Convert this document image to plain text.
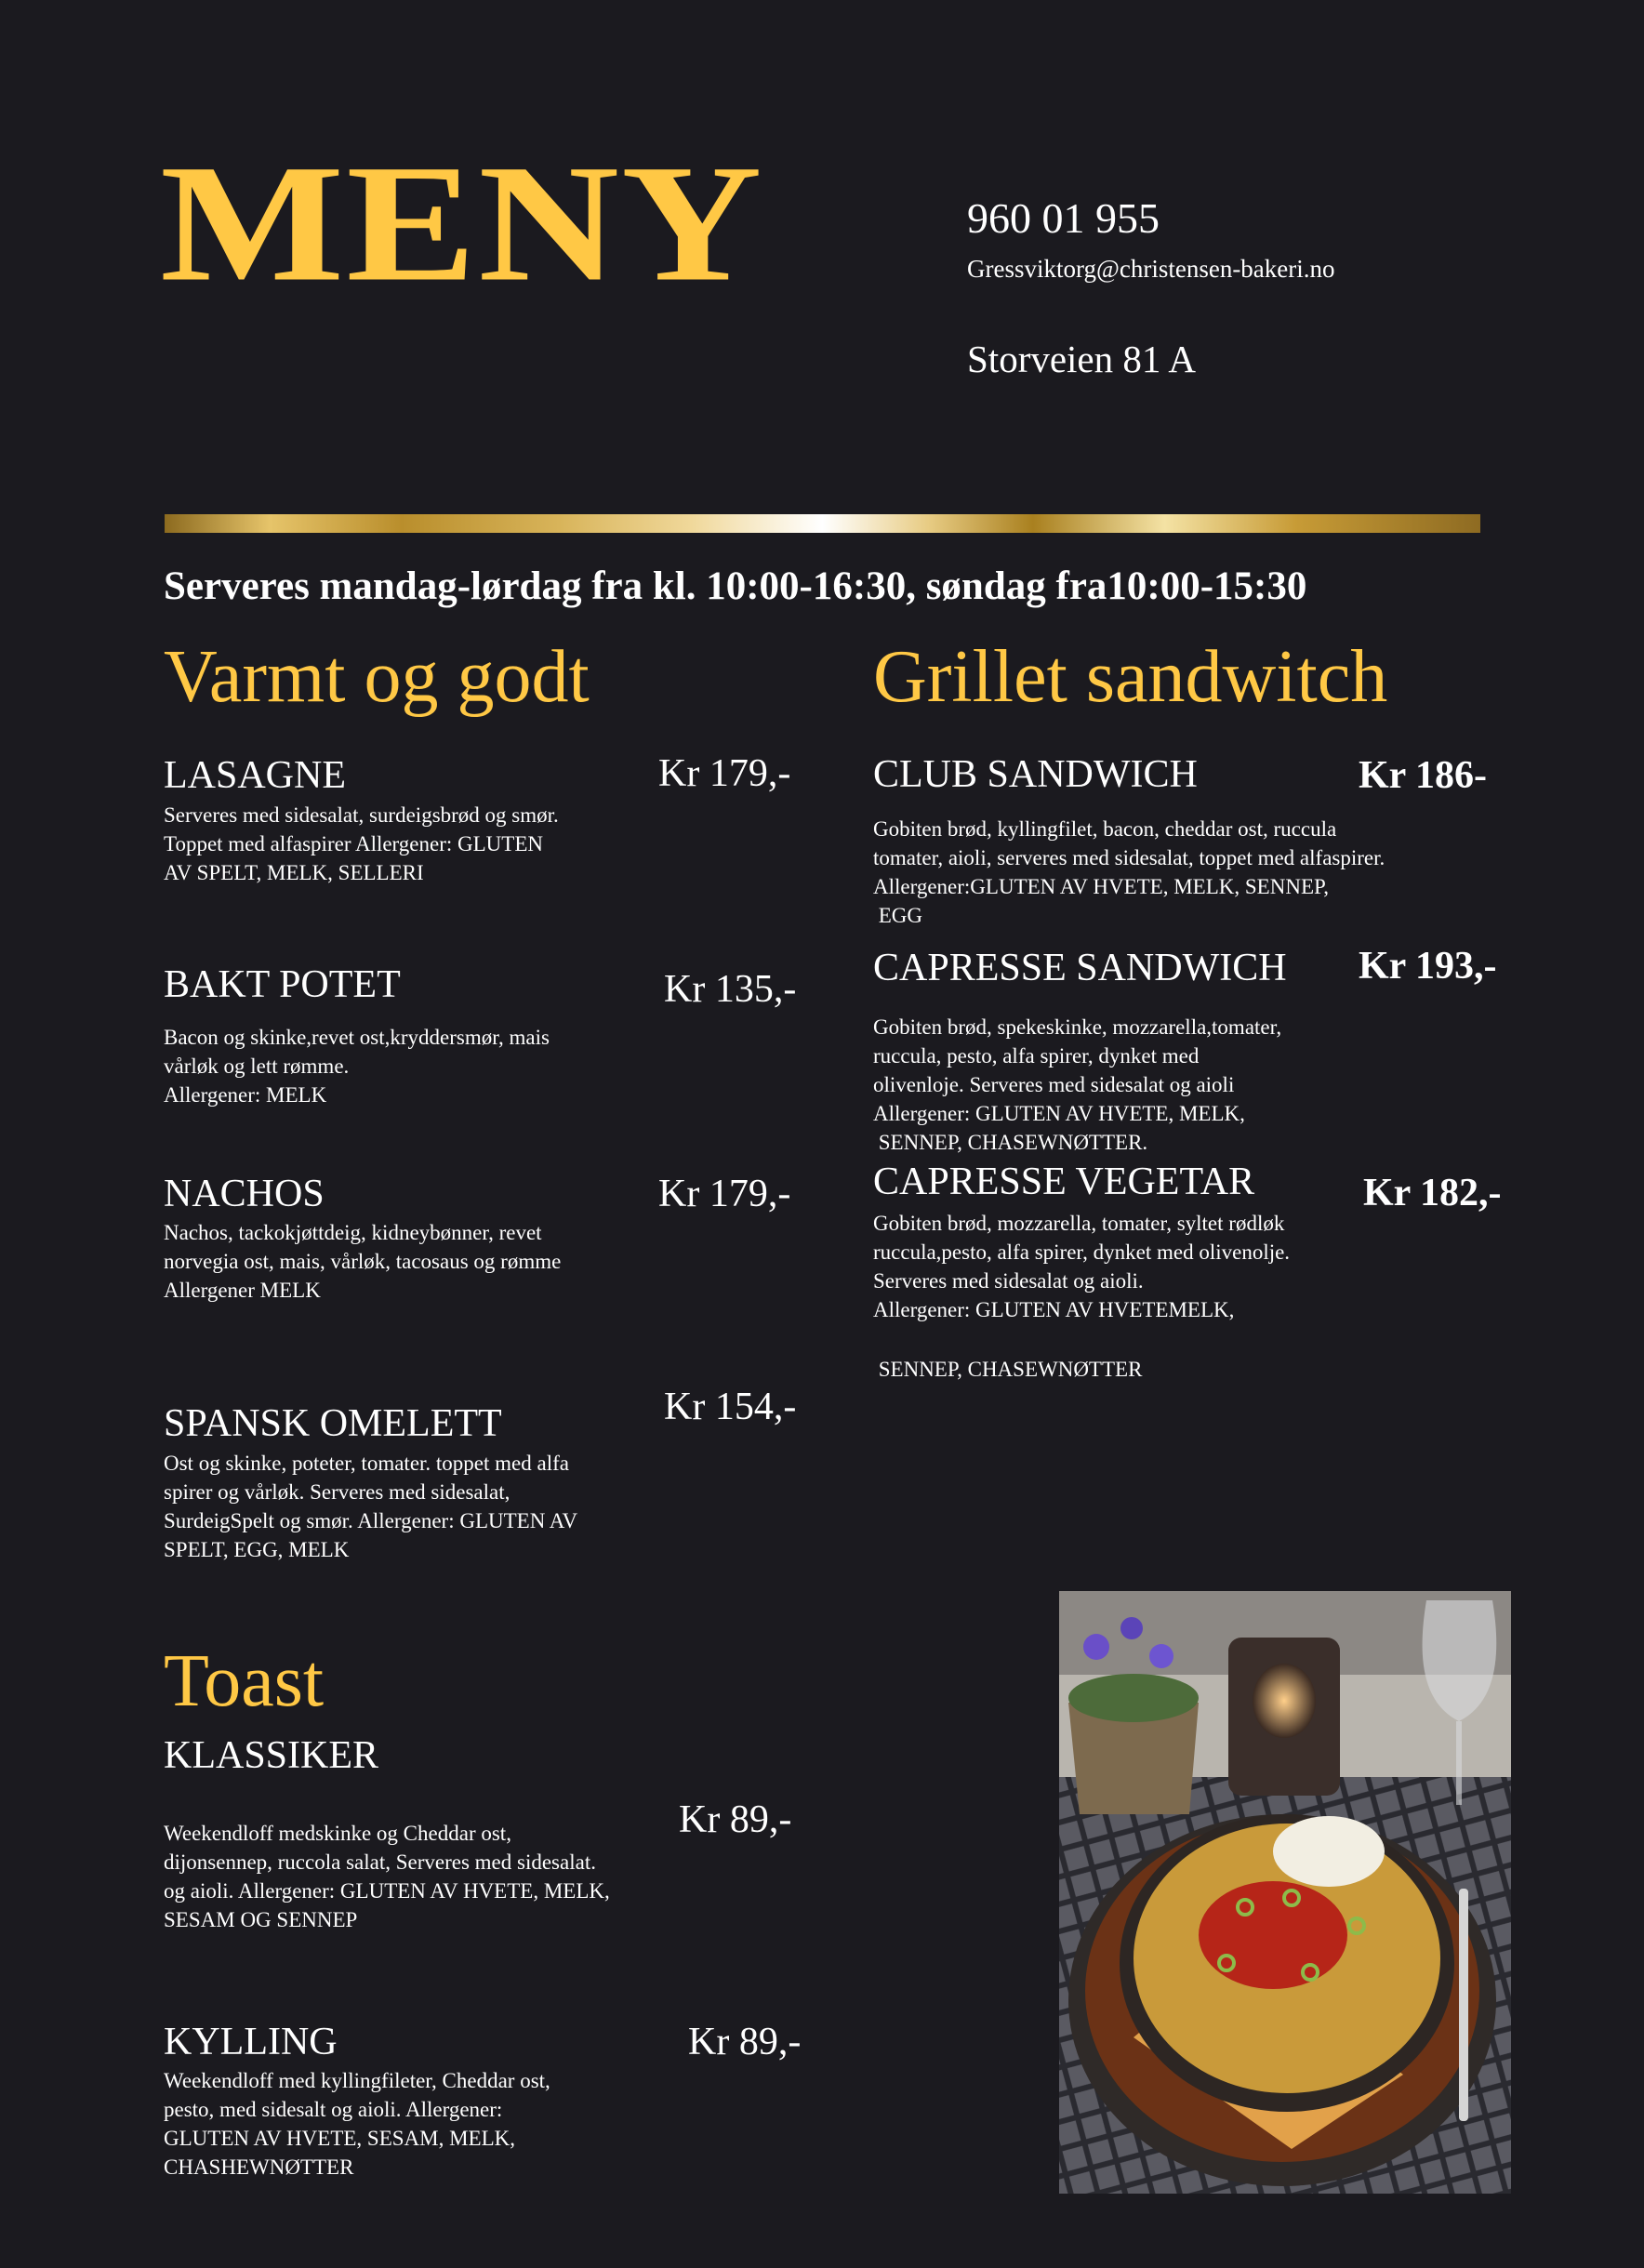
MENY	960 01 955
Gressviktorg@christensen-bakeri.no
Storveien 81 A
Serveres mandag-lørdag fra kl. 10:00-16:30, søndag fra10:00-15:30
Varmt og godt
LASAGNE	Kr 179,-
Serveres med sidesalat, surdeigsbrød og smør.
Toppet med alfaspirer Allergener: GLUTEN
AV SPELT, MELK, SELLERI
BAKT POTET	Kr 135,-
Bacon og skinke,revet ost,kryddersmør, mais
vårløk og lett rømme.
Allergener: MELK
NACHOS	Kr 179,-
Nachos, tackokjøttdeig, kidneybønner, revet
norvegia ost, mais, vårløk, tacosaus og rømme
Allergener MELK
SPANSK OMELETT	Kr 154,-
Ost og skinke, poteter, tomater. toppet med alfa
spirer og vårløk. Serveres med sidesalat,
SurdeigSpelt og smør. Allergener: GLUTEN AV
SPELT, EGG, MELK
Grillet sandwitch
CLUB SANDWICH	Kr 186-
Gobiten brød, kyllingfilet, bacon, cheddar ost, ruccula
tomater, aioli, serveres med sidesalat, toppet med alfaspirer.
Allergener:GLUTEN AV HVETE, MELK, SENNEP,
EGG
CAPRESSE SANDWICH Kr 193,-
Gobiten brød, spekeskinke, mozzarella,tomater,
ruccula, pesto, alfa spirer, dynket med
olivenloje. Serveres med sidesalat og aioli
Allergener: GLUTEN AV HVETE, MELK,
SENNEP, CHASEWNØTTER.
CAPRESSE VEGETAR	Kr 182,-
Gobiten brød, mozzarella, tomater, syltet rødløk
ruccula,pesto, alfa spirer, dynket med olivenolje.
Serveres med sidesalat og aioli.
Allergener: GLUTEN AV HVETEMELK,
SENNEP, CHASEWNØTTER
Toast
KLASSIKER
Kr 89,-
Weekendloff medskinke og Cheddar ost,
dijonsennep, ruccola salat, Serveres med sidesalat.
og aioli. Allergener: GLUTEN AV HVETE, MELK,
SESAM OG SENNEP
KYLLING	Kr 89,-
Weekendloff med kyllingfileter, Cheddar ost,
pesto, med sidesalt og aioli. Allergener:
GLUTEN AV HVETE, SESAM, MELK,
CHASHEWNØTTER
